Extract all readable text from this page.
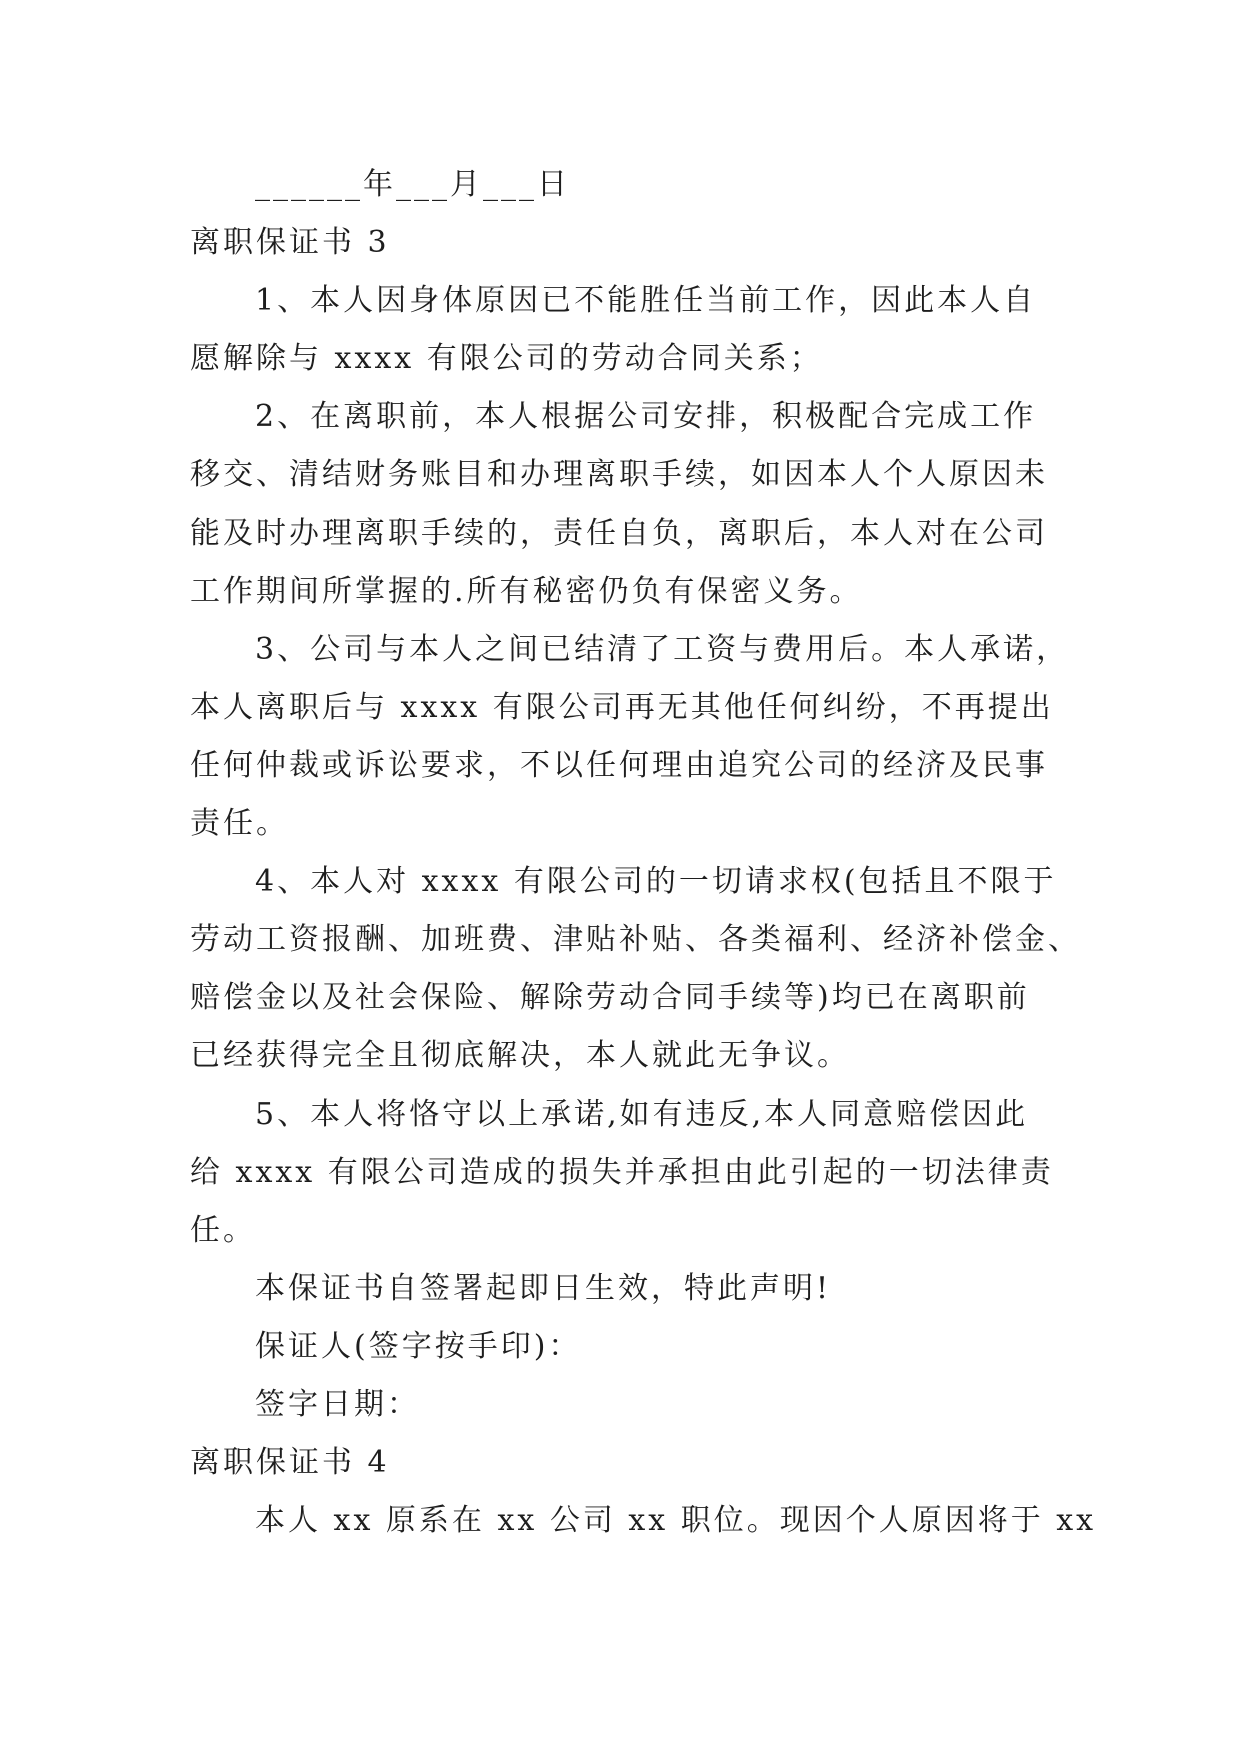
______年___月___日
离职保证书 3
1、本人因身体原因已不能胜任当前工作，因此本人自
愿解除与 xxxx 有限公司的劳动合同关系；
2、在离职前，本人根据公司安排，积极配合完成工作
移交、清结财务账目和办理离职手续，如因本人个人原因未
能及时办理离职手续的，责任自负，离职后，本人对在公司
工作期间所掌握的.所有秘密仍负有保密义务。
3、公司与本人之间已结清了工资与费用后。本人承诺，
本人离职后与 xxxx 有限公司再无其他任何纠纷，不再提出
任何仲裁或诉讼要求，不以任何理由追究公司的经济及民事
责任。
4、本人对 xxxx 有限公司的一切请求权(包括且不限于
劳动工资报酬、加班费、津贴补贴、各类福利、经济补偿金、
赔偿金以及社会保险、解除劳动合同手续等)均已在离职前
已经获得完全且彻底解决，本人就此无争议。
5、本人将恪守以上承诺,如有违反,本人同意赔偿因此
给 xxxx 有限公司造成的损失并承担由此引起的一切法律责
任。
本保证书自签署起即日生效，特此声明!
保证人(签字按手印)：
签字日期：
离职保证书 4
本人 xx 原系在 xx 公司 xx 职位。现因个人原因将于 xx
